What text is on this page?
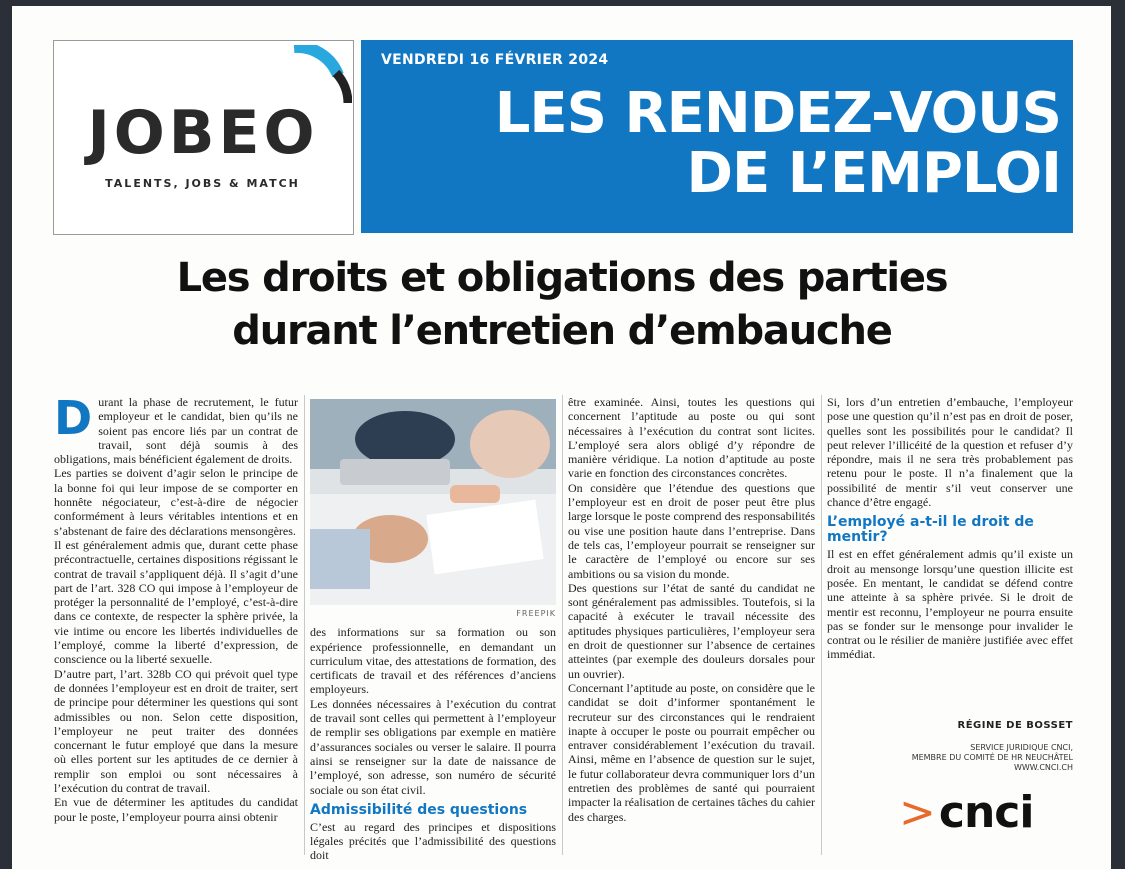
JOBEO
TALENTS, JOBS & MATCH
VENDREDI 16 FÉVRIER 2024
LES RENDEZ-VOUS
DE L’EMPLOI
Les droits et obligations des parties
durant l’entretien d’embauche
D urant la phase de recrutement, le futur employeur et le candidat, bien qu’ils ne soient pas encore liés par un contrat de travail, sont déjà soumis à des obligations, mais bénéficient également de droits.

Les parties se doivent d’agir selon le principe de la bonne foi qui leur impose de se comporter en honnête négociateur, c’est-à-dire de négocier conformément à leurs véritables intentions et en s’abstenant de faire des déclarations mensongères.

Il est généralement admis que, durant cette phase précontractuelle, certaines dispositions régissant le contrat de travail s’appliquent déjà. Il s’agit d’une part de l’art. 328 CO qui impose à l’employeur de protéger la personnalité de l’employé, c’est-à-dire dans ce contexte, de respecter la sphère privée, la vie intime ou encore les libertés individuelles de l’employé, comme la liberté d’expression, de conscience ou la liberté sexuelle.

D’autre part, l’art. 328b CO qui prévoit quel type de données l’employeur est en droit de traiter, sert de principe pour déterminer les questions qui sont admissibles ou non. Selon cette disposition, l’employeur ne peut traiter des données concernant le futur employé que dans la mesure où elles portent sur les aptitudes de ce dernier à remplir son emploi ou sont nécessaires à l’exécution du contrat de travail.

En vue de déterminer les aptitudes du candidat pour le poste, l’employeur pourra ainsi obtenir

FREEPIK

des informations sur sa formation ou son expérience professionnelle, en demandant un curriculum vitae, des attestations de formation, des certificats de travail et des références d’anciens employeurs.

Les données nécessaires à l’exécution du contrat de travail sont celles qui permettent à l’employeur de remplir ses obligations par exemple en matière d’assurances sociales ou verser le salaire. Il pourra ainsi se renseigner sur la date de naissance de l’employé, son adresse, son numéro de sécurité sociale ou son état civil.

Admissibilité des questions

C’est au regard des principes et dispositions légales précités que l’admissibilité des questions doit

être examinée. Ainsi, toutes les questions qui concernent l’aptitude au poste ou qui sont nécessaires à l’exécution du contrat sont licites. L’employé sera alors obligé d’y répondre de manière véridique. La notion d’aptitude au poste varie en fonction des circonstances concrètes.

On considère que l’étendue des questions que l’employeur est en droit de poser peut être plus large lorsque le poste comprend des responsabilités ou vise une position haute dans l’entreprise. Dans de tels cas, l’employeur pourrait se renseigner sur le caractère de l’employé ou encore sur ses ambitions ou sa vision du monde.

Des questions sur l’état de santé du candidat ne sont généralement pas admissibles. Toutefois, si la capacité à exécuter le travail nécessite des aptitudes physiques particulières, l’employeur sera en droit de questionner sur l’absence de certaines atteintes (par exemple des douleurs dorsales pour un ouvrier).

Concernant l’aptitude au poste, on considère que le candidat se doit d’informer spontanément le recruteur sur des circonstances qui le rendraient inapte à occuper le poste ou pourrait empêcher ou entraver considérablement l’exécution du travail. Ainsi, même en l’absence de question sur le sujet, le futur collaborateur devra communiquer lors d’un entretien des problèmes de santé qui pourraient impacter la réalisation de certaines tâches du cahier des charges.

Si, lors d’un entretien d’embauche, l’employeur pose une question qu’il n’est pas en droit de poser, quelles sont les possibilités pour le candidat? Il peut relever l’illicéité de la question et refuser d’y répondre, mais il ne sera très probablement pas retenu pour le poste. Il n’a finalement que la possibilité de mentir s’il veut conserver une chance d’être engagé.

L’employé a-t-il le droit de mentir?

Il est en effet généralement admis qu’il existe un droit au mensonge lorsqu’une question illicite est posée. En mentant, le candidat se défend contre une atteinte à sa sphère privée. Si le droit de mentir est reconnu, l’employeur ne pourra ensuite pas se fonder sur le mensonge pour invalider le contrat ou le résilier de manière justifiée avec effet immédiat.

RÉGINE DE BOSSET
SERVICE JURIDIQUE CNCI,
MEMBRE DU COMITÉ DE HR NEUCHÂTEL
WWW.CNCI.CH
>cnci
